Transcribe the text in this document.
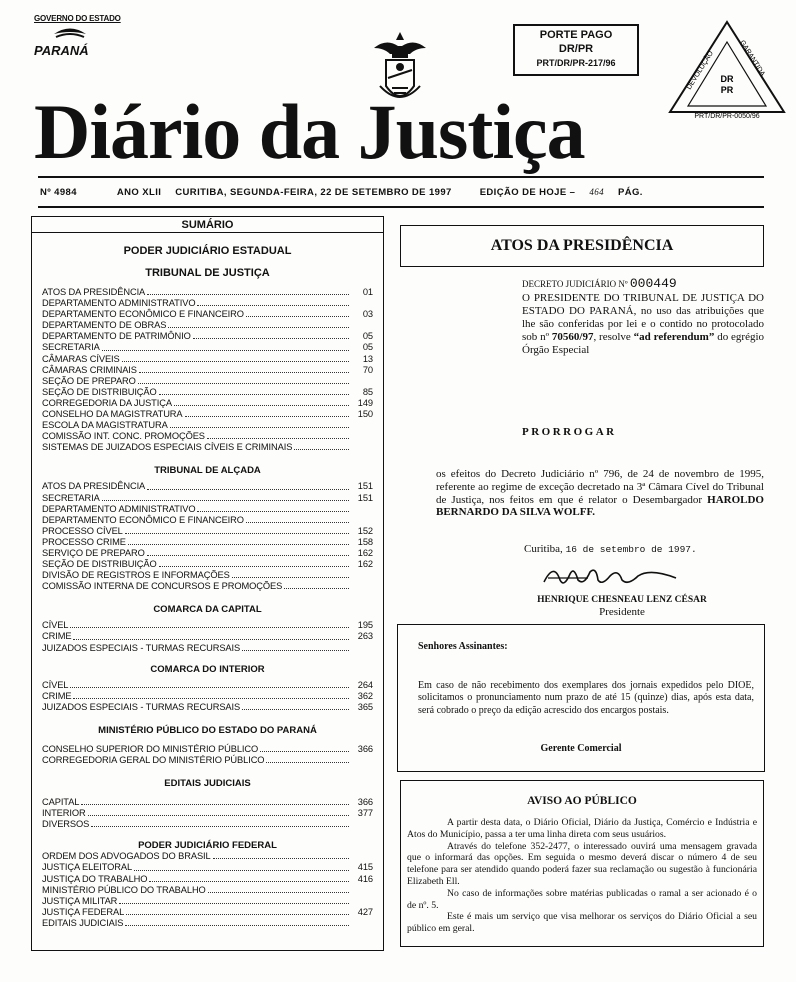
GOVERNO DO ESTADO
PARANÁ
PORTE PAGO
DR/PR
PRT/DR/PR-217/96
DR
PR
PRT/DR/PR-0050/96
DEVOLUÇÃO	GARANTIDA
Diário da Justiça
Nº 4984	ANO XLII CURITIBA, SEGUNDA-FEIRA, 22 DE SETEMBRO DE 1997	EDIÇÃO DE HOJE – 464 PÁG.
SUMÁRIO
PODER JUDICIÁRIO ESTADUAL
TRIBUNAL DE JUSTIÇA
ATOS DA PRESIDÊNCIA	01
DEPARTAMENTO ADMINISTRATIVO
DEPARTAMENTO ECONÔMICO E FINANCEIRO	03
DEPARTAMENTO DE OBRAS
DEPARTAMENTO DE PATRIMÔNIO	05
SECRETARIA	05
CÂMARAS CÍVEIS	13
CÂMARAS CRIMINAIS	70
SEÇÃO DE PREPARO
SEÇÃO DE DISTRIBUIÇÃO	85
CORREGEDORIA DA JUSTIÇA	149
CONSELHO DA MAGISTRATURA	150
ESCOLA DA MAGISTRATURA
COMISSÃO INT. CONC. PROMOÇÕES
SISTEMAS DE JUIZADOS ESPECIAIS CÍVEIS E CRIMINAIS
TRIBUNAL DE ALÇADA
ATOS DA PRESIDÊNCIA	151
SECRETARIA	151
DEPARTAMENTO ADMINISTRATIVO
DEPARTAMENTO ECONÔMICO E FINANCEIRO
PROCESSO CÍVEL	152
PROCESSO CRIME	158
SERVIÇO DE PREPARO	162
SEÇÃO DE DISTRIBUIÇÃO	162
DIVISÃO DE REGISTROS E INFORMAÇÕES
COMISSÃO INTERNA DE CONCURSOS E PROMOÇÕES
COMARCA DA CAPITAL
CÍVEL	195
CRIME	263
JUIZADOS ESPECIAIS - TURMAS RECURSAIS
COMARCA DO INTERIOR
CÍVEL	264
CRIME	362
JUIZADOS ESPECIAIS - TURMAS RECURSAIS	365
MINISTÉRIO PÚBLICO DO ESTADO DO PARANÁ
CONSELHO SUPERIOR DO MINISTÉRIO PÚBLICO	366
CORREGEDORIA GERAL DO MINISTÉRIO PÚBLICO
EDITAIS JUDICIAIS
CAPITAL	366
INTERIOR	377
DIVERSOS
PODER JUDICIÁRIO FEDERAL
ORDEM DOS ADVOGADOS DO BRASIL
JUSTIÇA ELEITORAL	415
JUSTIÇA DO TRABALHO	416
MINISTÉRIO PÚBLICO DO TRABALHO
JUSTIÇA MILITAR
JUSTIÇA FEDERAL	427
EDITAIS JUDICIAIS
ATOS DA PRESIDÊNCIA
DECRETO JUDICIÁRIO Nº 000449
O PRESIDENTE DO TRIBUNAL DE JUSTIÇA DO ESTADO DO PARANÁ, no uso das atribuições que lhe são conferidas por lei e o contido no protocolado sob nº 70560/97, resolve “ad referendum” do egrégio Órgão Especial
PRORROGAR
os efeitos do Decreto Judiciário nº 796, de 24 de novembro de 1995, referente ao regime de exceção decretado na 3ª Câmara Cível do Tribunal de Justiça, nos feitos em que é relator o Desembargador HAROLDO BERNARDO DA SILVA WOLFF.
Curitiba, 16 de setembro de 1997.
HENRIQUE CHESNEAU LENZ CÉSAR
Presidente
Senhores Assinantes:
Em caso de não recebimento dos exemplares dos jornais expedidos pelo DIOE, solicitamos o pronunciamento num prazo de até 15 (quinze) dias, após esta data, será cobrado o preço da edição acrescido dos encargos postais.
Gerente Comercial
AVISO AO PÚBLICO

A partir desta data, o Diário Oficial, Diário da Justiça, Comércio e Indústria e Atos do Município, passa a ter uma linha direta com seus usuários.

Através do telefone 352-2477, o interessado ouvirá uma mensagem gravada que o informará das opções. Em seguida o mesmo deverá discar o número 4 de seu telefone para ser atendido quando poderá fazer sua reclamação ou sugestão à funcionária Elizabeth Ell.

No caso de informações sobre matérias publicadas o ramal a ser acionado é o de nº. 5.

Este é mais um serviço que visa melhorar os serviços do Diário Oficial a seu público em geral.
